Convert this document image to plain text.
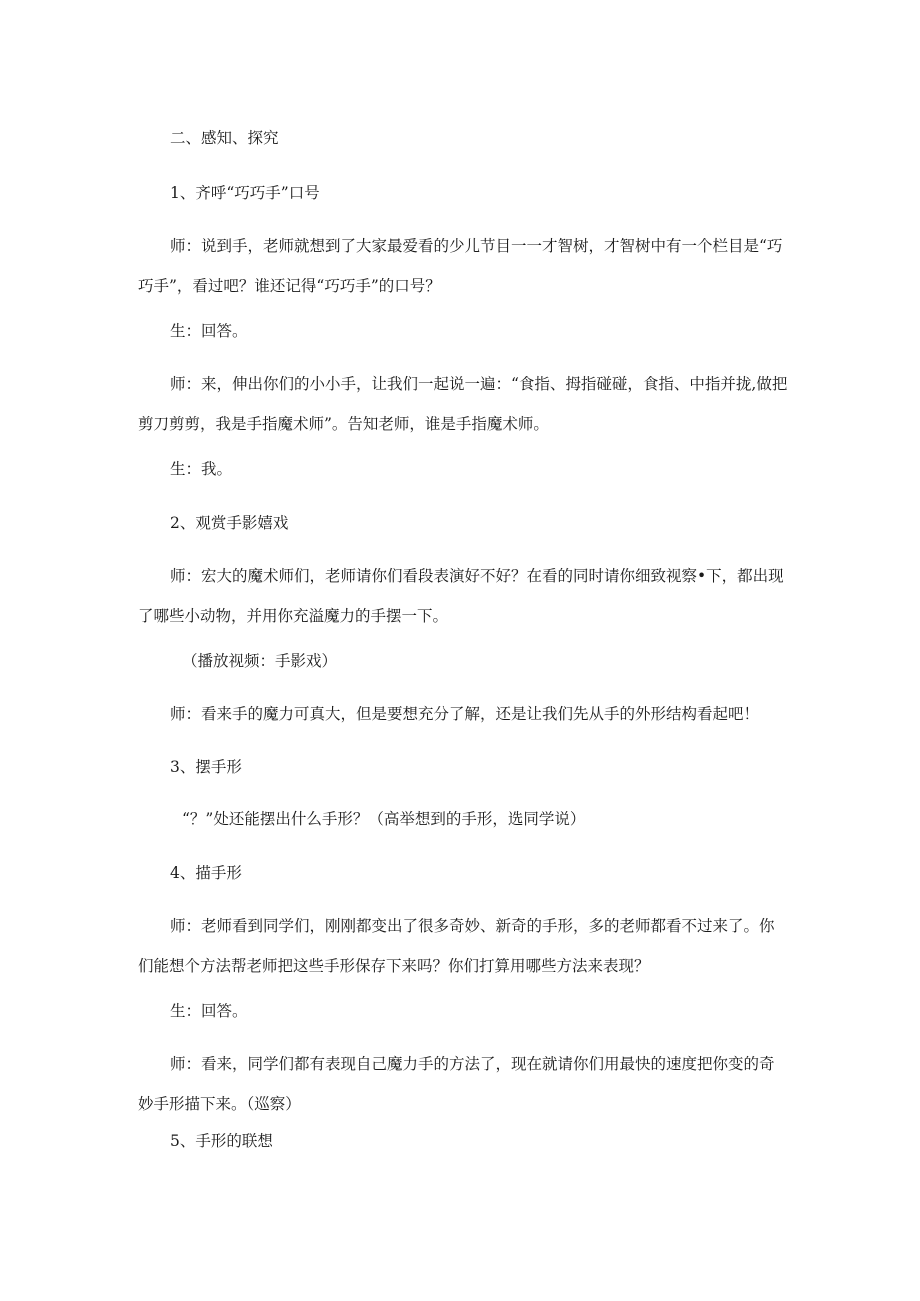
二、感知、探究

1、齐呼“巧巧手”口号

师：说到手，老师就想到了大家最爱看的少儿节目一一才智树，才智树中有一个栏目是“巧巧手”，看过吧？谁还记得“巧巧手”的口号？

生：回答。

师：来，伸出你们的小小手，让我们一起说一遍：“食指、拇指碰碰，食指、中指并拢,做把剪刀剪剪，我是手指魔术师”。告知老师，谁是手指魔术师。

生：我。

2、观赏手影嬉戏

师：宏大的魔术师们，老师请你们看段表演好不好？在看的同时请你细致视察•下，都出现了哪些小动物，并用你充溢魔力的手摆一下。

（播放视频：手影戏）

师：看来手的魔力可真大，但是要想充分了解，还是让我们先从手的外形结构看起吧！

3、摆手形

“？”处还能摆出什么手形？（高举想到的手形，选同学说）

4、描手形

师：老师看到同学们，刚刚都变出了很多奇妙、新奇的手形，多的老师都看不过来了。你们能想个方法帮老师把这些手形保存下来吗？你们打算用哪些方法来表现？

生：回答。

师：看来，同学们都有表现自己魔力手的方法了，现在就请你们用最快的速度把你变的奇妙手形描下来。（巡察）

5、手形的联想
